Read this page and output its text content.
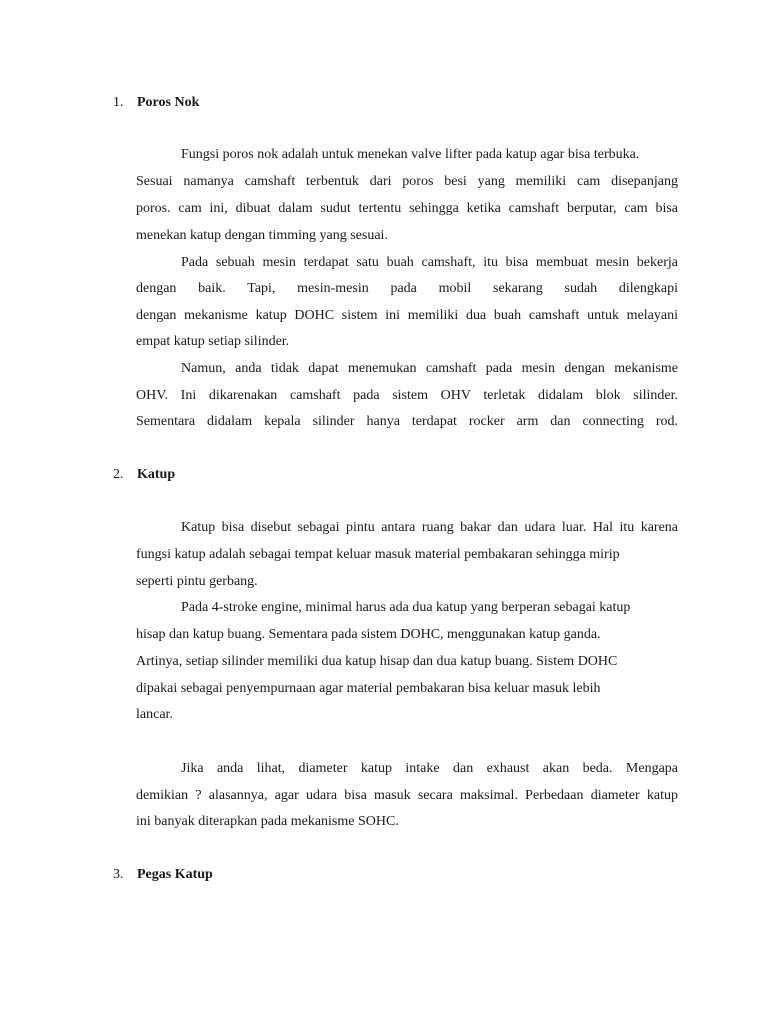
1. Poros Nok
Fungsi poros nok adalah untuk menekan valve lifter pada katup agar bisa terbuka.
Sesuai namanya camshaft terbentuk dari poros besi yang memiliki cam disepanjang
poros. cam ini, dibuat dalam sudut tertentu sehingga ketika camshaft berputar, cam bisa
menekan katup dengan timming yang sesuai.
Pada sebuah mesin terdapat satu buah camshaft, itu bisa membuat mesin bekerja
dengan baik. Tapi, mesin-mesin pada mobil sekarang sudah dilengkapi
dengan mekanisme katup DOHC sistem ini memiliki dua buah camshaft untuk melayani
empat katup setiap silinder.
Namun, anda tidak dapat menemukan camshaft pada mesin dengan mekanisme
OHV. Ini dikarenakan camshaft pada sistem OHV terletak didalam blok silinder.
Sementara didalam kepala silinder hanya terdapat rocker arm dan connecting rod.
2. Katup
Katup bisa disebut sebagai pintu antara ruang bakar dan udara luar. Hal itu karena
fungsi katup adalah sebagai tempat keluar masuk material pembakaran sehingga mirip
seperti pintu gerbang.
Pada 4-stroke engine, minimal harus ada dua katup yang berperan sebagai katup
hisap dan katup buang. Sementara pada sistem DOHC, menggunakan katup ganda.
Artinya, setiap silinder memiliki dua katup hisap dan dua katup buang. Sistem DOHC
dipakai sebagai penyempurnaan agar material pembakaran bisa keluar masuk lebih
lancar.
Jika anda lihat, diameter katup intake dan exhaust akan beda. Mengapa
demikian ? alasannya, agar udara bisa masuk secara maksimal. Perbedaan diameter katup
ini banyak diterapkan pada mekanisme SOHC.
3. Pegas Katup
